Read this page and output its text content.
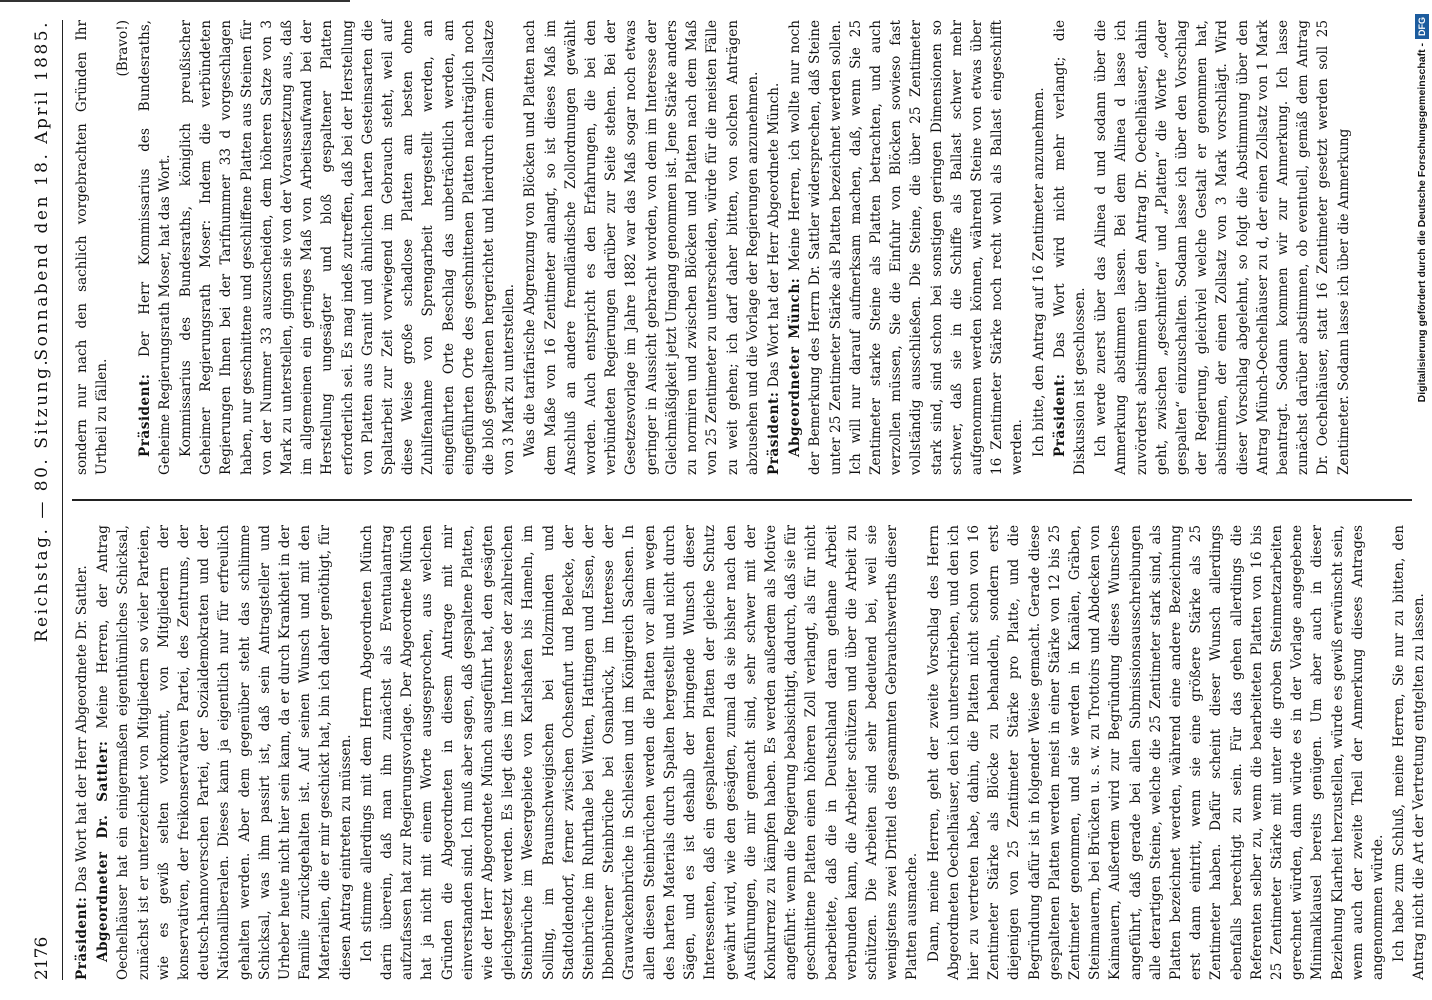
2176
Reichstag. — 80. Sitzung.
Sonnabend den 18. April 1885.

Präsident: Das Wort hat der Herr Abgeordnete Dr. Sattler. Abgeordneter Dr. Sattler: Meine Herren, der Antrag Oechelhäuser hat ein einigermaßen eigenthümliches Schicksal, zunächst ist er unterzeichnet von Mitgliedern so vieler Parteien, wie es gewiß selten vorkommt, von Mitgliedern der konservativen, der freikonservativen Partei, des Zentrums, der deutsch-hannoverschen Partei, der Sozialdemokraten und der Nationalliberalen. Dieses kann ja eigentlich nur für erfreulich gehalten werden. Aber dem gegenüber steht das schlimme Schicksal, was ihm passirt ist, daß sein Antragsteller und Urheber heute nicht hier sein kann, da er durch Krankheit in der Familie zurückgehalten ist. Auf seinen Wunsch und mit den Materialien, die er mir geschickt hat, bin ich daher genöthigt, für diesen Antrag eintreten zu müssen. Ich stimme allerdings mit dem Herrn Abgeordneten Münch darin überein, daß man ihn zunächst als Eventualantrag aufzufassen hat zur Regierungsvorlage. Der Abgeordnete Münch hat ja nicht mit einem Worte ausgesprochen, aus welchen Gründen die Abgeordneten in diesem Antrage mit mir einverstanden sind. Ich muß aber sagen, daß gespaltene Platten, wie der Herr Abgeordnete Münch ausgeführt hat, den gesägten gleichgesetzt werden. Es liegt dies im Interesse der zahlreichen Steinbrüche im Wesergebiete von Karlshafen bis Hameln, im Solling, im Braunschweigischen bei Holzminden und Stadtoldendorf, ferner zwischen Ochsenfurt und Belecke, der Steinbrüche im Ruhrthale bei Witten, Hattingen und Essen, der Ibbenbürener Steinbrüche bei Osnabrück, im Interesse der Grauwackenbrüche in Schlesien und im Königreich Sachsen. In allen diesen Steinbrüchen werden die Platten vor allem wegen des harten Materials durch Spalten hergestellt und nicht durch Sägen, und es ist deshalb der bringende Wunsch dieser Interessenten, daß ein gespaltenen Platten der gleiche Schutz gewährt wird, wie den gesägten, zumal da sie bisher nach den Ausführungen, die mir gemacht sind, sehr schwer mit der Konkurrenz zu kämpfen haben. Es werden außerdem als Motive angeführt: wenn die Regierung beabsichtigt, dadurch, daß sie für geschnittene Platten einen höheren Zoll verlangt, als für nicht bearbeitete, daß die in Deutschland daran gethane Arbeit verbunden kann, die Arbeiter schützen und über die Arbeit zu schützen. Die Arbeiten sind sehr bedeutend bei, weil sie wenigstens zwei Drittel des gesammten Gebrauchswerths dieser Platten ausmache. Dann, meine Herren, geht der zweite Vorschlag des Herrn Abgeordneten Oechelhäuser, den ich unterschrieben, und den ich hier zu vertreten habe, dahin, die Platten nicht schon von 16 Zentimeter Stärke als Blöcke zu behandeln, sondern erst diejenigen von 25 Zentimeter Stärke pro Platte, und die Begründung dafür ist in folgender Weise gemacht. Gerade diese gespaltenen Platten werden meist in einer Stärke von 12 bis 25 Zentimeter genommen, und sie werden in Kanälen, Gräben, Steinmauern, bei Brücken u. s. w. zu Trottoirs und Abdecken von Kaimauern, Außerdem wird zur Begründung dieses Wunsches angeführt, daß gerade bei allen Submissionsausschreibungen alle derartigen Steine, welche die 25 Zentimeter stark sind, als Platten bezeichnet werden, während eine andere Bezeichnung erst dann eintritt, wenn sie eine größere Stärke als 25 Zentimeter haben. Dafür scheint dieser Wunsch allerdings ebenfalls berechtigt zu sein. Für das gehen allerdings die Referenten selber zu, wenn die bearbeiteten Platten von 16 bis 25 Zentimeter Stärke mit unter die groben Steinmetzarbeiten gerechnet würden, dann würde es in der Vorlage angegebene Minimalklausel bereits genügen. Um aber auch in dieser Beziehung Klarheit herzustellen, würde es gewiß erwünscht sein, wenn auch der zweite Theil der Anmerkung dieses Antrages angenommen würde. Ich habe zum Schluß, meine Herren, Sie nur zu bitten, den Antrag nicht die Art der Vertretung entgelten zu lassen.

sondern nur nach den sachlich vorgebrachten Gründen Ihr Urtheil zu fällen.

(Bravo!)

Präsident: Der Herr Kommissarius des Bundesraths, Geheime Regierungsrath Moser, hat das Wort. Kommissarius des Bundesraths, königlich preußischer Geheimer Regierungsrath Moser: Indem die verbündeten Regierungen Ihnen bei der Tarifnummer 33 d vorgeschlagen haben, nur geschnittene und geschliffene Platten aus Steinen für von der Nummer 33 auszuscheiden, dem höheren Satze von 3 Mark zu unterstellen, gingen sie von der Voraussetzung aus, daß im allgemeinen ein geringes Maß von Arbeitsaufwand bei der Herstellung ungesägter und bloß gespaltener Platten erforderlich sei. Es mag indeß zutreffen, daß bei der Herstellung von Platten aus Granit und ähnlichen harten Gesteinsarten die Spaltarbeit zur Zeit vorwiegend im Gebrauch steht, weil auf diese Weise große schadlose Platten am besten ohne Zuhilfenahme von Sprengarbeit hergestellt werden, an eingeführten Orte Beschlag das unbeträchtlich werden, am eingeführten Orte des geschnittenen Platten nachträglich noch die bloß gespaltenen hergerichtet und hierdurch einem Zollsatze von 3 Mark zu unterstellen. Was die tarifarische Abgrenzung von Blöcken und Platten nach dem Maße von 16 Zentimeter anlangt, so ist dieses Maß im Anschluß an andere fremdländische Zollordnungen gewählt worden. Auch entspricht es den Erfahrungen, die bei den verbündeten Regierungen darüber zur Seite stehen. Bei der Gesetzesvorlage im Jahre 1882 war das Maß sogar noch etwas geringer in Aussicht gebracht worden, von dem im Interesse der Gleichmäßigkeit jetzt Umgang genommen ist. Jene Stärke anders zu normiren und zwischen Blöcken und Platten nach dem Maß von 25 Zentimeter zu unterscheiden, würde für die meisten Fälle zu weit gehen; ich darf daher bitten, von solchen Anträgen abzusehen und die Vorlage der Regierungen anzunehmen. Präsident: Das Wort hat der Herr Abgeordnete Münch. Abgeordneter Münch: Meine Herren, ich wollte nur noch der Bemerkung des Herrn Dr. Sattler widersprechen, daß Steine unter 25 Zentimeter Stärke als Platten bezeichnet werden sollen. Ich will nur darauf aufmerksam machen, daß, wenn Sie 25 Zentimeter starke Steine als Platten betrachten, und auch verzollen müssen, Sie die Einfuhr von Blöcken sowieso fast vollständig ausschließen. Die Steine, die über 25 Zentimeter stark sind, sind schon bei sonstigen geringen Dimensionen so schwer, daß sie in die Schiffe als Ballast schwer mehr aufgenommen werden können, während Steine von etwas über 16 Zentimeter Stärke noch recht wohl als Ballast eingeschifft werden. Ich bitte, den Antrag auf 16 Zentimeter anzunehmen. Präsident: Das Wort wird nicht mehr verlangt; die Diskussion ist geschlossen. Ich werde zuerst über das Alinea d und sodann über die Anmerkung abstimmen lassen. Bei dem Alinea d lasse ich zuvörderst abstimmen über den Antrag Dr. Oechelhäuser, dahin geht, zwischen „geschnitten“ und „Platten“ die Worte „oder gespalten“ einzuschalten. Sodann lasse ich über den Vorschlag der Regierung, gleichviel welche Gestalt er genommen hat, abstimmen, der einen Zollsatz von 3 Mark vorschlägt. Wird dieser Vorschlag abgelehnt, so folgt die Abstimmung über den Antrag Münch-Oechelhäuser zu d, der einen Zollsatz von 1 Mark beantragt. Sodann kommen wir zur Anmerkung. Ich lasse zunächst darüber abstimmen, ob eventuell, gemäß dem Antrag Dr. Oechelhäuser, statt 16 Zentimeter gesetzt werden soll 25 Zentimeter. Sodann lasse ich über die Anmerkung	Digitalisierung gefördert durch die Deutsche Forschungsgemeinschaft -DFG
